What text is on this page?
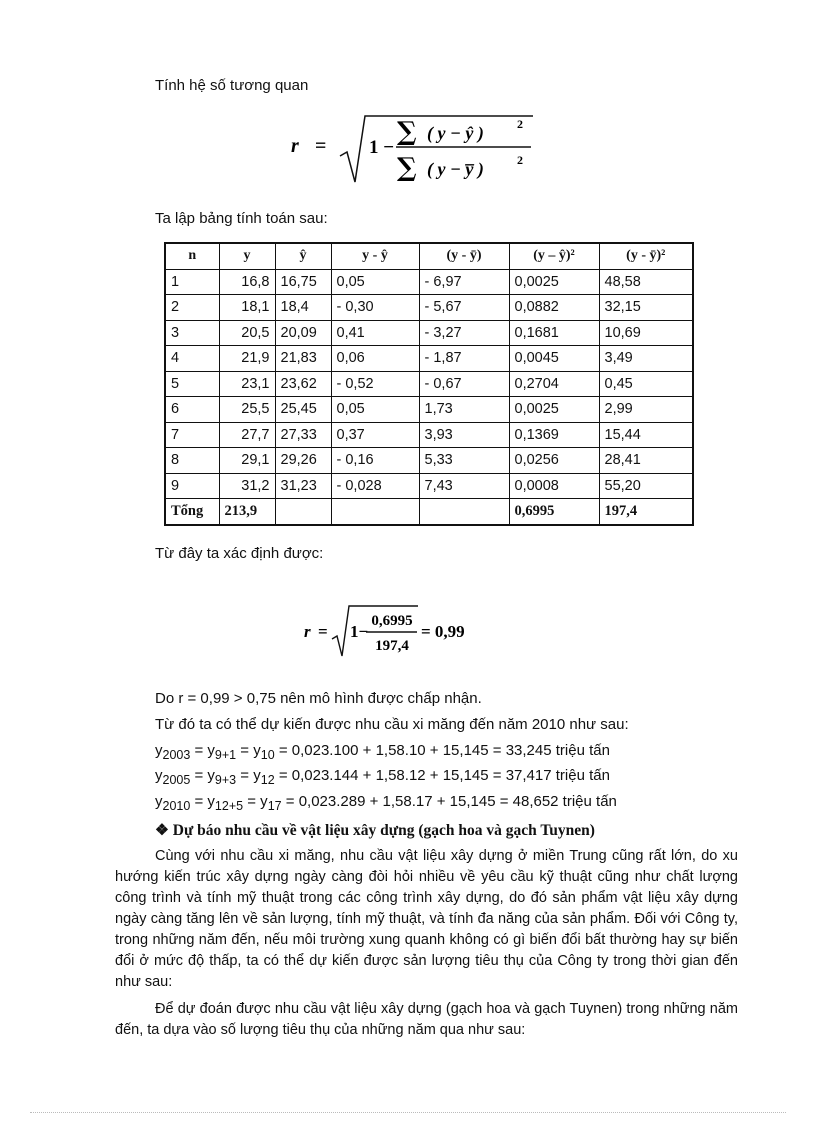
Tính hệ số tương quan
r = 1 −
∑ ( y − ŷ )	2
∑ ( y − y̅ )	2
Ta lập bảng tính toán sau:
n	y	ŷ	y - ŷ	(y - ȳ)	(y – ŷ)²	(y - ȳ)²
1	16,8	16,75	0,05	- 6,97	0,0025	48,58
2	18,1	18,4	- 0,30	- 5,67	0,0882	32,15
3	20,5	20,09	0,41	- 3,27	0,1681	10,69
4	21,9	21,83	0,06	- 1,87	0,0045	3,49
5	23,1	23,62	- 0,52	- 0,67	0,2704	0,45
6	25,5	25,45	0,05	1,73	0,0025	2,99
7	27,7	27,33	0,37	3,93	0,1369	15,44
8	29,1	29,26	- 0,16	5,33	0,0256	28,41
9	31,2	31,23	- 0,028	7,43	0,0008	55,20
Tổng	213,9				0,6995	197,4
Từ đây ta xác định được:
r = 1−
0,6995
197,4
= 0,99
Do r = 0,99 > 0,75 nên mô hình được chấp nhận.
Từ đó ta có thể dự kiến được nhu cầu xi măng đến năm 2010 như sau:
$y_{2003} = y_{9+1} = y_{10} = 0,023.100 + 1,58.10 + 15,145 = 33,245$ triệu tấn
$y_{2005} = y_{9+3} = y_{12} = 0,023.144 + 1,58.12 + 15,145 = 37,417$ triệu tấn
$y_{2010} = y_{12+5} = y_{17} = 0,023.289 + 1,58.17 + 15,145 = 48,652$ triệu tấn
❖ Dự báo nhu cầu về vật liệu xây dựng (gạch hoa và gạch Tuynen)
Cùng với nhu cầu xi măng, nhu cầu vật liệu xây dựng ở miền Trung cũng rất lớn, do xu hướng kiến trúc xây dựng ngày càng đòi hỏi nhiều về yêu cầu kỹ thuật cũng như chất lượng công trình và tính mỹ thuật trong các công trình xây dựng, do đó sản phẩm vật liệu xây dựng ngày càng tăng lên về sản lượng, tính mỹ thuật, và tính đa năng của sản phẩm. Đối với Công ty, trong những năm đến, nếu môi trường xung quanh không có gì biến đổi bất thường hay sự biến đổi ở mức độ thấp, ta có thể dự kiến được sản lượng tiêu thụ của Công ty trong thời gian đến như sau:
Để dự đoán được nhu cầu vật liệu xây dựng (gạch hoa và gạch Tuynen) trong những năm đến, ta dựa vào số lượng tiêu thụ của những năm qua như sau:
